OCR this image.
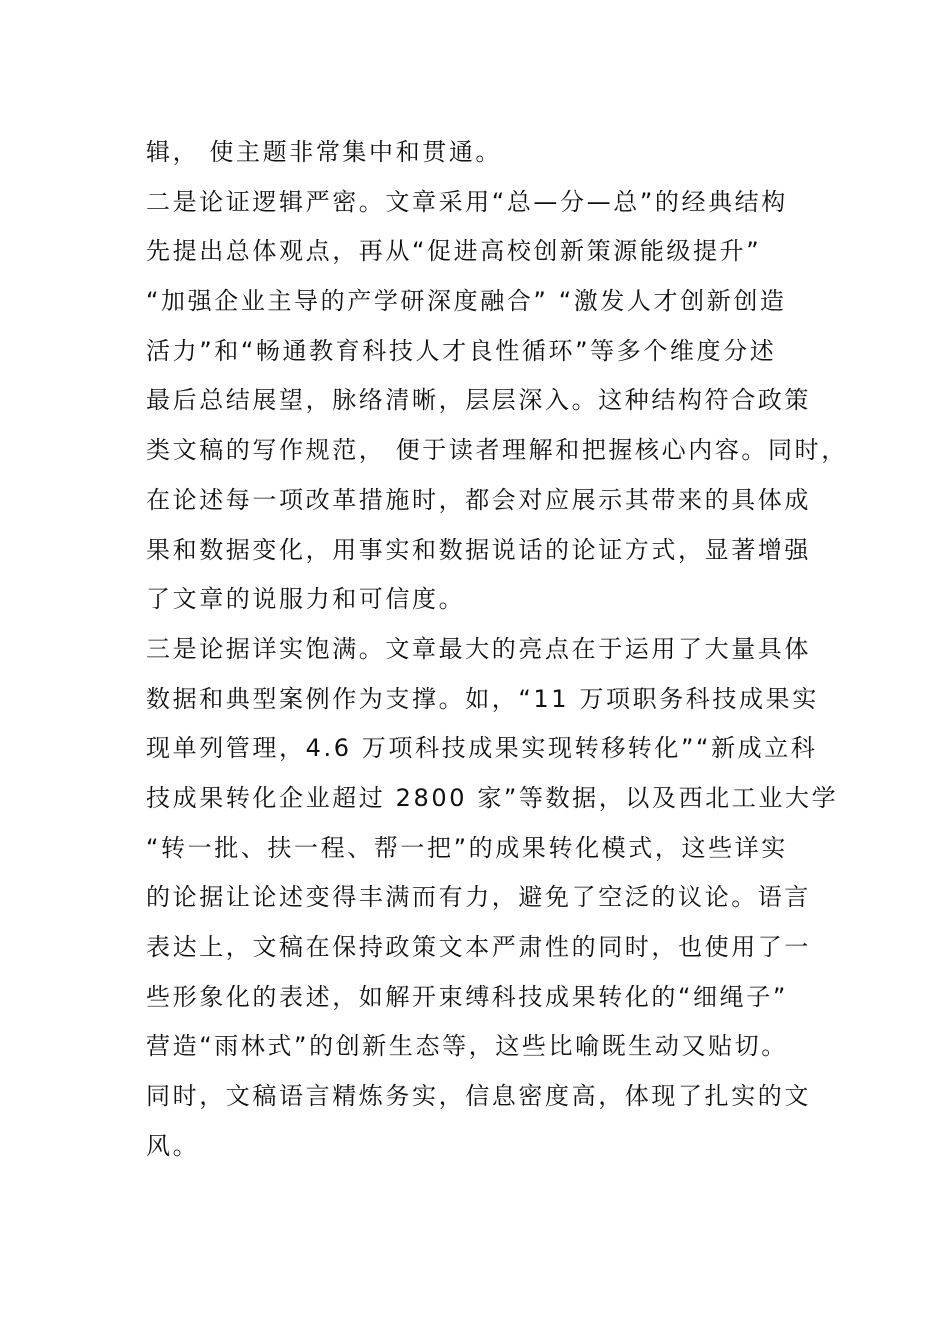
辑， 使主题非常集中和贯通。
二是论证逻辑严密。文章采用“总—分—总”的经典结构
先提出总体观点，再从“促进高校创新策源能级提升”
“加强企业主导的产学研深度融合” “激发人才创新创造
活力”和“畅通教育科技人才良性循环”等多个维度分述
最后总结展望，脉络清晰，层层深入。这种结构符合政策
类文稿的写作规范， 便于读者理解和把握核心内容。同时，
在论述每一项改革措施时，都会对应展示其带来的具体成
果和数据变化，用事实和数据说话的论证方式，显著增强
了文章的说服力和可信度。
三是论据详实饱满。文章最大的亮点在于运用了大量具体
数据和典型案例作为支撑。如，“11 万项职务科技成果实
现单列管理，4.6 万项科技成果实现转移转化”“新成立科
技成果转化企业超过 2800 家”等数据，以及西北工业大学
“转一批、扶一程、帮一把”的成果转化模式，这些详实
的论据让论述变得丰满而有力，避免了空泛的议论。语言
表达上，文稿在保持政策文本严肃性的同时，也使用了一
些形象化的表述，如解开束缚科技成果转化的“细绳子”
营造“雨林式”的创新生态等，这些比喻既生动又贴切。
同时，文稿语言精炼务实，信息密度高，体现了扎实的文
风。
